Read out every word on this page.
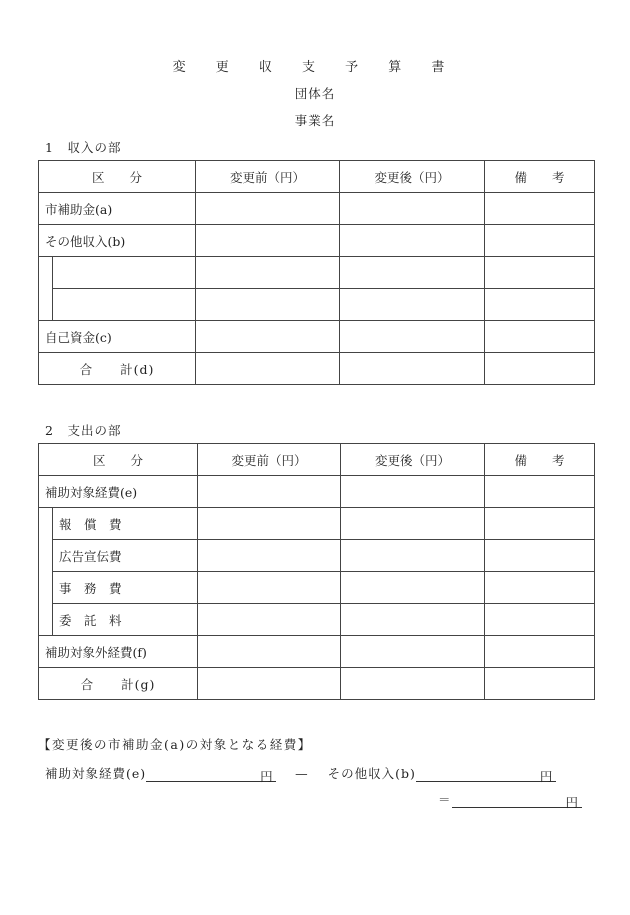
変 更 収 支 予 算 書
団体名
事業名
1　収入の部
区　　分		変更前（円）	変更後（円）	備　　考
市補助金(a)				
その他収入(b)				

自己資金(c)				
合　　計(d)				
2　支出の部
区　　分		変更前（円）	変更後（円）	備　　考
補助対象経費(e)				
	報　償　費			
	広告宣伝費			
	事　務　費			
	委　託　料			
補助対象外経費(f)				
合　　計(g)				
【変更後の市補助金(a)の対象となる経費】
補助対象経費(e)	円 — その他収入(b)	円
＝	円
